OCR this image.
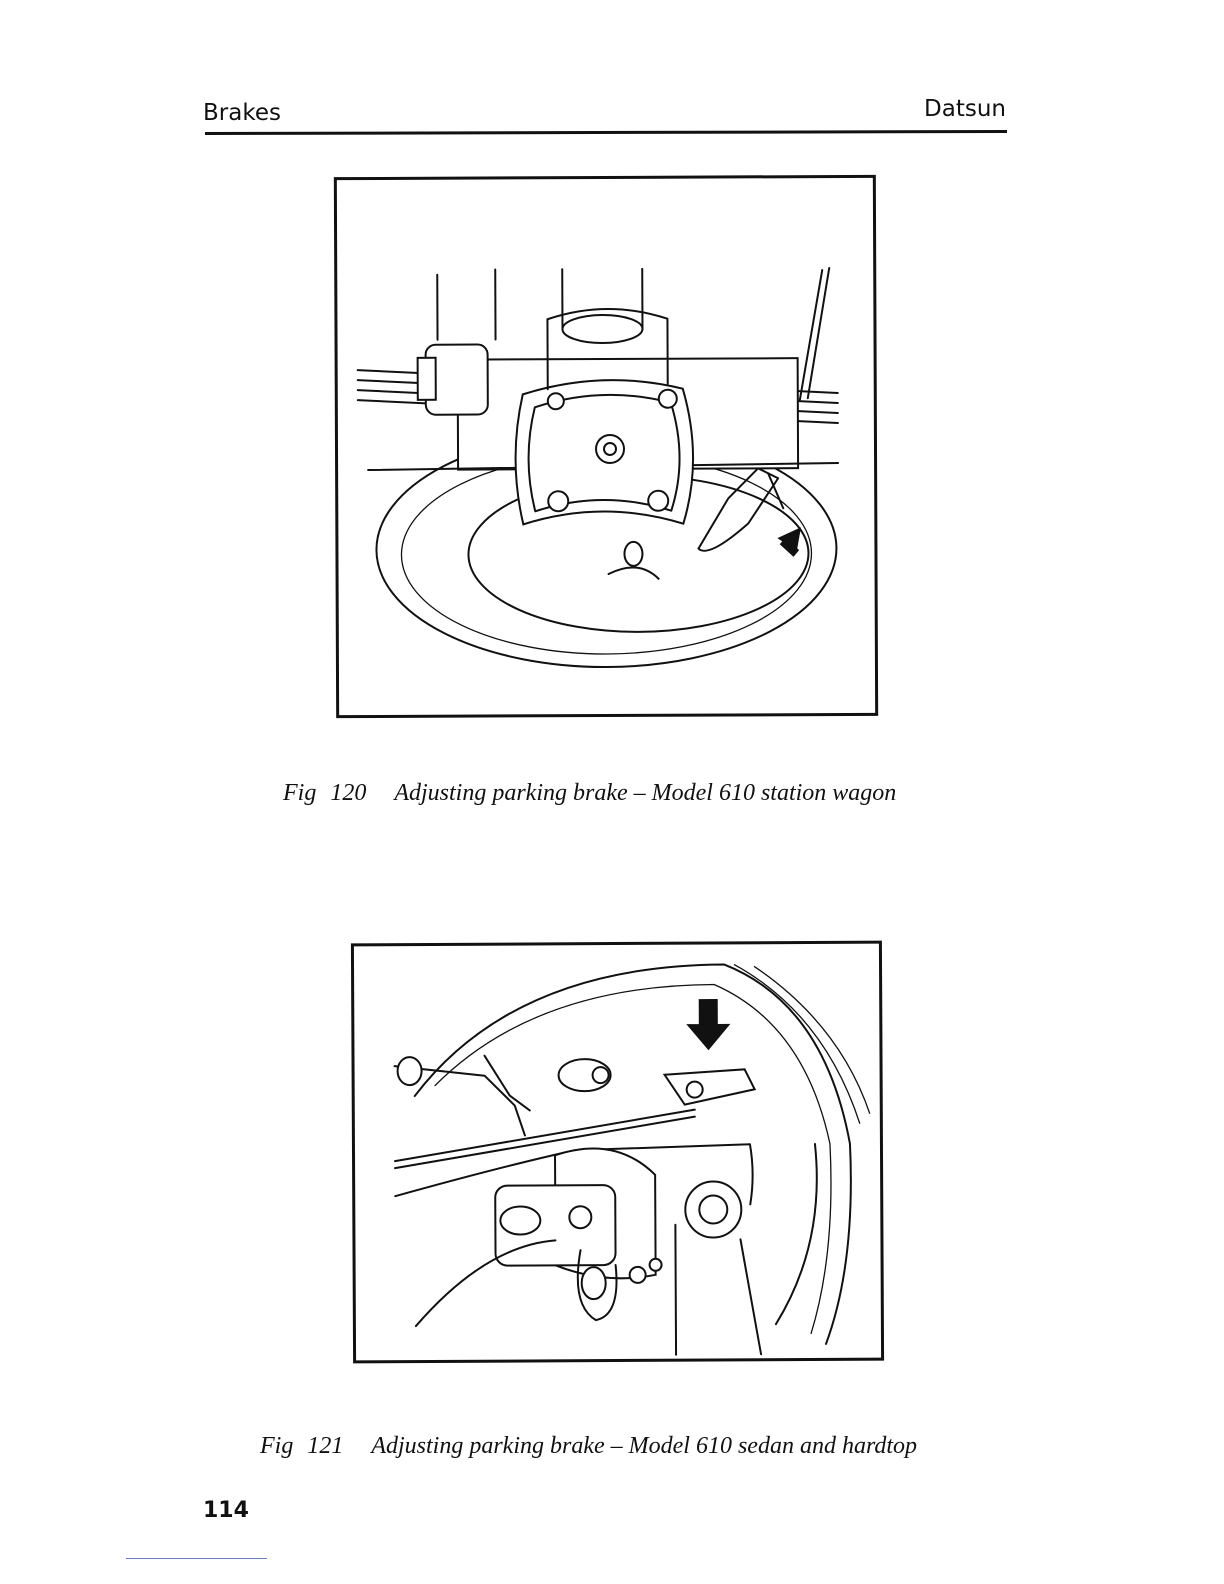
Brakes	Datsun
Fig 120 Adjusting parking brake – Model 610 station wagon
Fig 121 Adjusting parking brake – Model 610 sedan and hardtop
114
